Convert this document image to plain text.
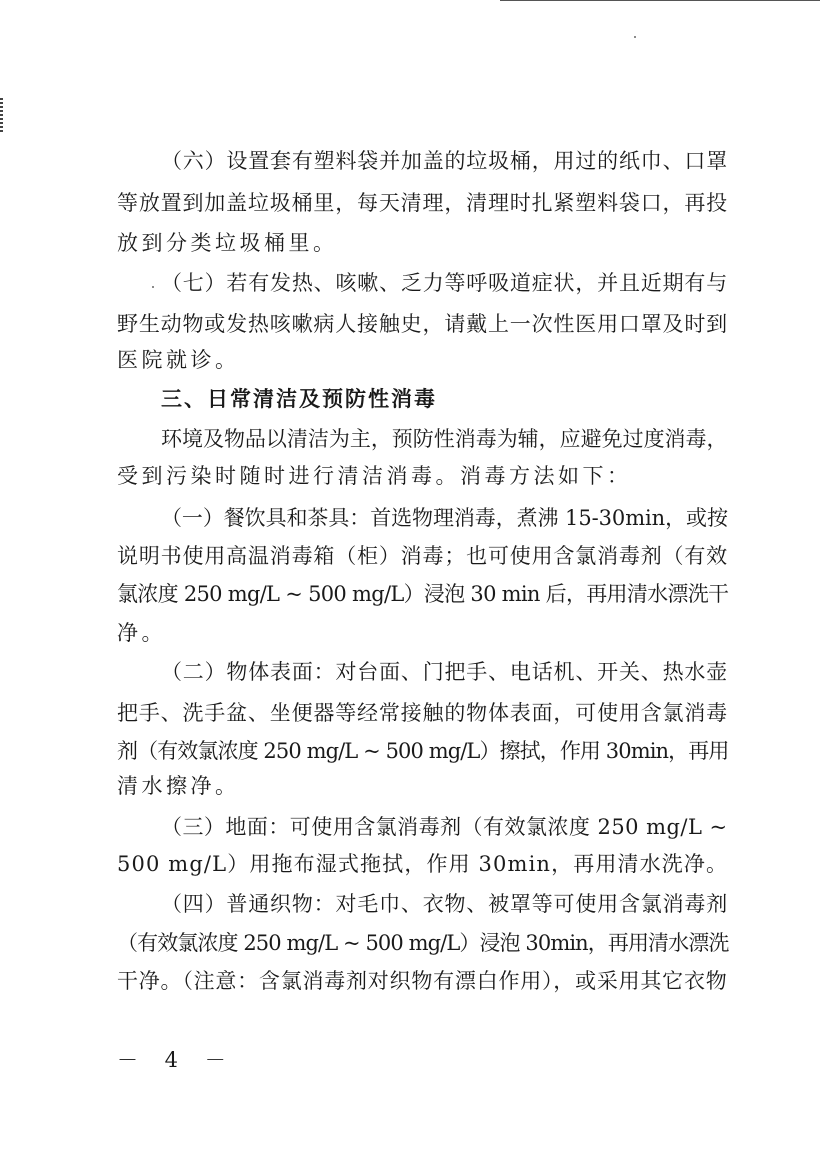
（六）设置套有塑料袋并加盖的垃圾桶，用过的纸巾、口罩
等放置到加盖垃圾桶里，每天清理，清理时扎紧塑料袋口，再投
放到分类垃圾桶里。
（七）若有发热、咳嗽、乏力等呼吸道症状，并且近期有与
野生动物或发热咳嗽病人接触史，请戴上一次性医用口罩及时到
医院就诊。
三、日常清洁及预防性消毒
环境及物品以清洁为主，预防性消毒为辅，应避免过度消毒，
受到污染时随时进行清洁消毒。消毒方法如下：
（一）餐饮具和茶具：首选物理消毒，煮沸 15-30min，或按
说明书使用高温消毒箱（柜）消毒；也可使用含氯消毒剂（有效
氯浓度 250 mg/L ~ 500 mg/L）浸泡 30 min 后，再用清水漂洗干
净。
（二）物体表面：对台面、门把手、电话机、开关、热水壶
把手、洗手盆、坐便器等经常接触的物体表面，可使用含氯消毒
剂（有效氯浓度 250 mg/L ~ 500 mg/L）擦拭，作用 30min，再用
清水擦净。
（三）地面：可使用含氯消毒剂（有效氯浓度 250 mg/L ~
500 mg/L）用拖布湿式拖拭，作用 30min，再用清水洗净。
（四）普通织物：对毛巾、衣物、被罩等可使用含氯消毒剂
（有效氯浓度 250 mg/L ~ 500 mg/L）浸泡 30min，再用清水漂洗
干净。（注意：含氯消毒剂对织物有漂白作用），或采用其它衣物
－ 4 －
